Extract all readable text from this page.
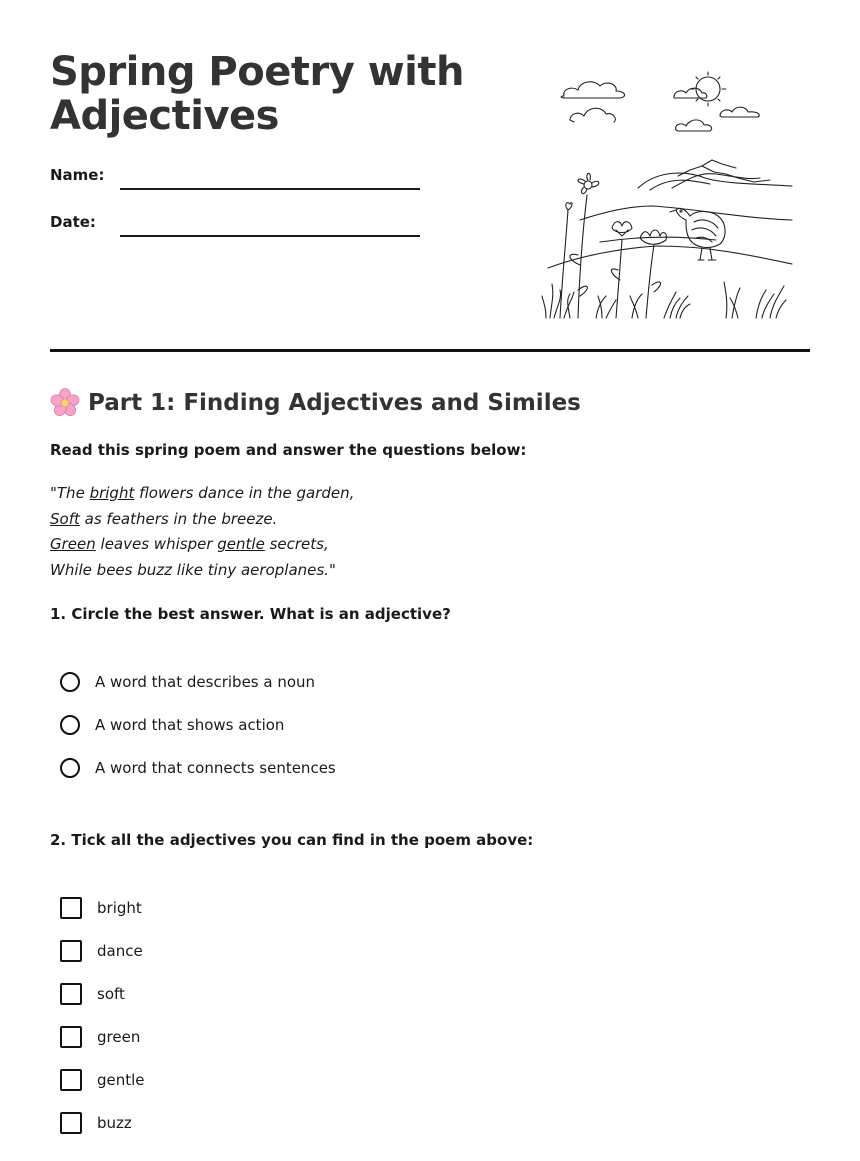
Spring Poetry with Adjectives
Name:
Date:
Part 1: Finding Adjectives and Similes
Read this spring poem and answer the questions below:
"The bright flowers dance in the garden,
Soft as feathers in the breeze.
Green leaves whisper gentle secrets,
While bees buzz like tiny aeroplanes."
1. Circle the best answer. What is an adjective?
A word that describes a noun
A word that shows action
A word that connects sentences
2. Tick all the adjectives you can find in the poem above:
bright
dance
soft
green
gentle
buzz
